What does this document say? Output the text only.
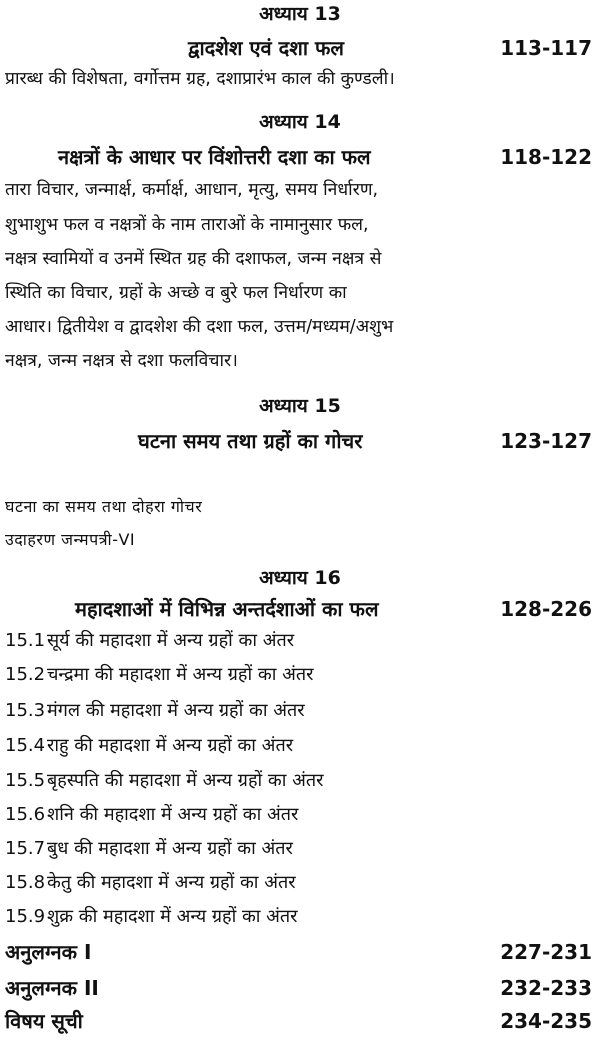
अध्याय 13
द्वादशेश एवं दशा फल	113-117
प्रारब्ध की विशेषता, वर्गोत्तम ग्रह, दशाप्रारंभ काल की कुण्डली।
अध्याय 14
नक्षत्रों के आधार पर विंशोत्तरी दशा का फल	118-122
तारा विचार, जन्मार्क्ष, कर्मार्क्ष, आधान, मृत्यु, समय निर्धारण,
शुभाशुभ फल व नक्षत्रों के नाम ताराओं के नामानुसार फल,
नक्षत्र स्वामियों व उनमें स्थित ग्रह की दशाफल, जन्म नक्षत्र से
स्थिति का विचार, ग्रहों के अच्छे व बुरे फल निर्धारण का
आधार। द्वितीयेश व द्वादशेश की दशा फल, उत्तम/मध्यम/अशुभ
नक्षत्र, जन्म नक्षत्र से दशा फलविचार।
अध्याय 15
घटना समय तथा ग्रहों का गोचर	123-127
घटना का समय तथा दोहरा गोचर
उदाहरण जन्मपत्री-VI
अध्याय 16
महादशाओं में विभिन्न अन्तर्दशाओं का फल	128-226
15.1 सूर्य की महादशा में अन्य ग्रहों का अंतर
15.2 चन्द्रमा की महादशा में अन्य ग्रहों का अंतर
15.3 मंगल की महादशा में अन्य ग्रहों का अंतर
15.4 राहु की महादशा में अन्य ग्रहों का अंतर
15.5 बृहस्पति की महादशा में अन्य ग्रहों का अंतर
15.6 शनि की महादशा में अन्य ग्रहों का अंतर
15.7 बुध की महादशा में अन्य ग्रहों का अंतर
15.8 केतु की महादशा में अन्य ग्रहों का अंतर
15.9 शुक्र की महादशा में अन्य ग्रहों का अंतर
अनुलग्नक I	227-231
अनुलग्नक II	232-233
विषय सूची	234-235
